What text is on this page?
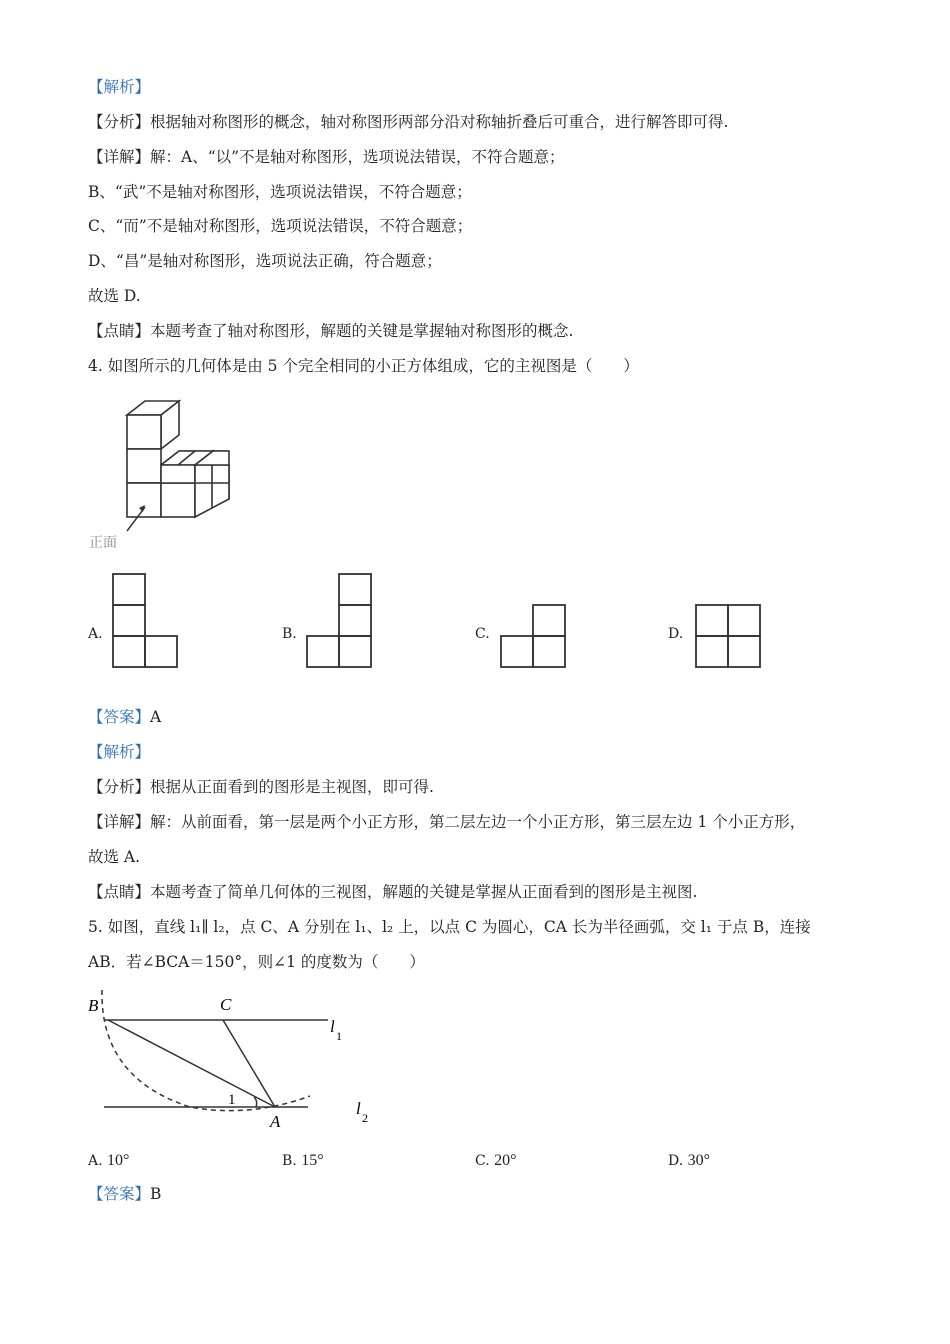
【解析】
【分析】根据轴对称图形的概念，轴对称图形两部分沿对称轴折叠后可重合，进行解答即可得.
【详解】解：A、“以”不是轴对称图形，选项说法错误，不符合题意；
B、“武”不是轴对称图形，选项说法错误，不符合题意；
C、“而”不是轴对称图形，选项说法错误，不符合题意；
D、“昌”是轴对称图形，选项说法正确，符合题意；
故选 D.
【点睛】本题考查了轴对称图形，解题的关键是掌握轴对称图形的概念.
4. 如图所示的几何体是由 5 个完全相同的小正方体组成，它的主视图是（　　）
正面
A.	B.	C.	D.
【答案】A
【解析】
【分析】根据从正面看到的图形是主视图，即可得.
【详解】解：从前面看，第一层是两个小正方形，第二层左边一个小正方形，第三层左边 1 个小正方形，
故选 A.
【点睛】本题考查了简单几何体的三视图，解题的关键是掌握从正面看到的图形是主视图.
5. 如图，直线 l₁∥ l₂，点 C、A 分别在 l₁、l₂ 上，以点 C 为圆心，CA 长为半径画弧，交 l₁ 于点 B，连接
AB．若∠BCA＝150°，则∠1 的度数为（　　）
B	C
A
1
l 1
l 2
A. 10°	B. 15°	C. 20°	D. 30°
【答案】B
